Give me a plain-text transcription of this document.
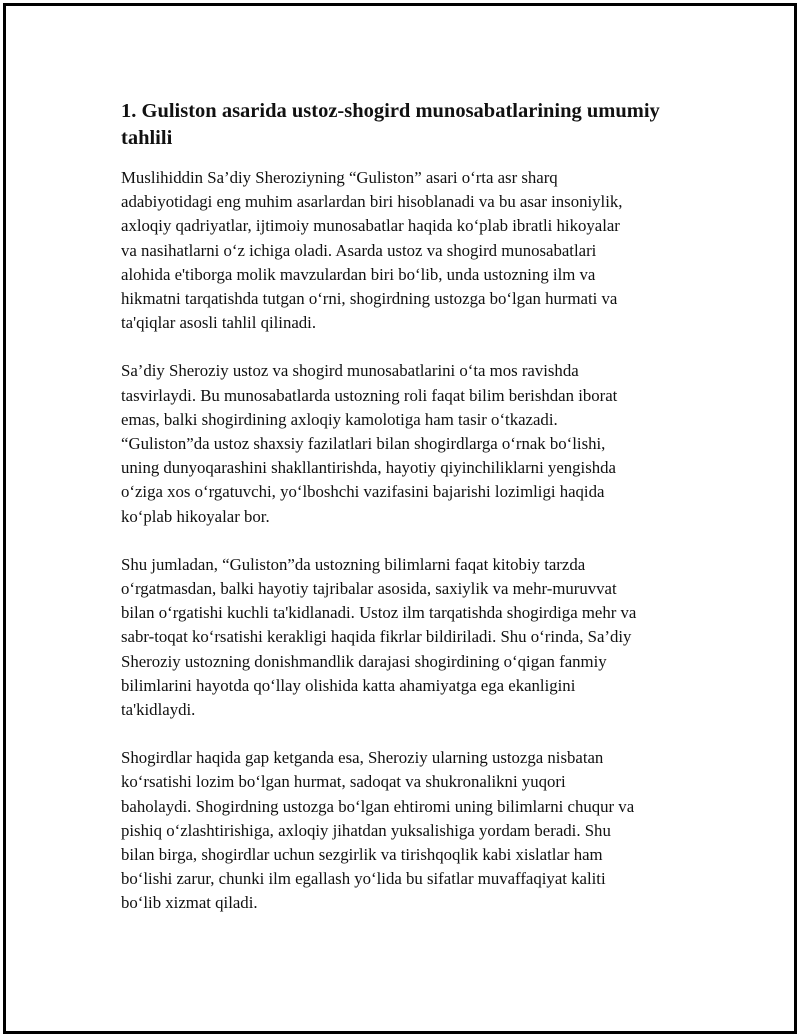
1. Guliston asarida ustoz-shogird munosabatlarining umumiy
tahlili

Muslihiddin Sa’diy Sheroziyning “Guliston” asari o‘rta asr sharq
adabiyotidagi eng muhim asarlardan biri hisoblanadi va bu asar insoniylik,
axloqiy qadriyatlar, ijtimoiy munosabatlar haqida ko‘plab ibratli hikoyalar
va nasihatlarni o‘z ichiga oladi. Asarda ustoz va shogird munosabatlari
alohida e'tiborga molik mavzulardan biri bo‘lib, unda ustozning ilm va
hikmatni tarqatishda tutgan o‘rni, shogirdning ustozga bo‘lgan hurmati va
ta'qiqlar asosli tahlil qilinadi.

Sa’diy Sheroziy ustoz va shogird munosabatlarini o‘ta mos ravishda
tasvirlaydi. Bu munosabatlarda ustozning roli faqat bilim berishdan iborat
emas, balki shogirdining axloqiy kamolotiga ham tasir o‘tkazadi.
“Guliston”da ustoz shaxsiy fazilatlari bilan shogirdlarga o‘rnak bo‘lishi,
uning dunyoqarashini shakllantirishda, hayotiy qiyinchiliklarni yengishda
o‘ziga xos o‘rgatuvchi, yo‘lboshchi vazifasini bajarishi lozimligi haqida
ko‘plab hikoyalar bor.

Shu jumladan, “Guliston”da ustozning bilimlarni faqat kitobiy tarzda
o‘rgatmasdan, balki hayotiy tajribalar asosida, saxiylik va mehr-muruvvat
bilan o‘rgatishi kuchli ta'kidlanadi. Ustoz ilm tarqatishda shogirdiga mehr va
sabr-toqat ko‘rsatishi kerakligi haqida fikrlar bildiriladi. Shu o‘rinda, Sa’diy
Sheroziy ustozning donishmandlik darajasi shogirdining o‘qigan fanmiy
bilimlarini hayotda qo‘llay olishida katta ahamiyatga ega ekanligini
ta'kidlaydi.

Shogirdlar haqida gap ketganda esa, Sheroziy ularning ustozga nisbatan
ko‘rsatishi lozim bo‘lgan hurmat, sadoqat va shukronalikni yuqori
baholaydi. Shogirdning ustozga bo‘lgan ehtiromi uning bilimlarni chuqur va
pishiq o‘zlashtirishiga, axloqiy jihatdan yuksalishiga yordam beradi. Shu
bilan birga, shogirdlar uchun sezgirlik va tirishqoqlik kabi xislatlar ham
bo‘lishi zarur, chunki ilm egallash yo‘lida bu sifatlar muvaffaqiyat kaliti
bo‘lib xizmat qiladi.
